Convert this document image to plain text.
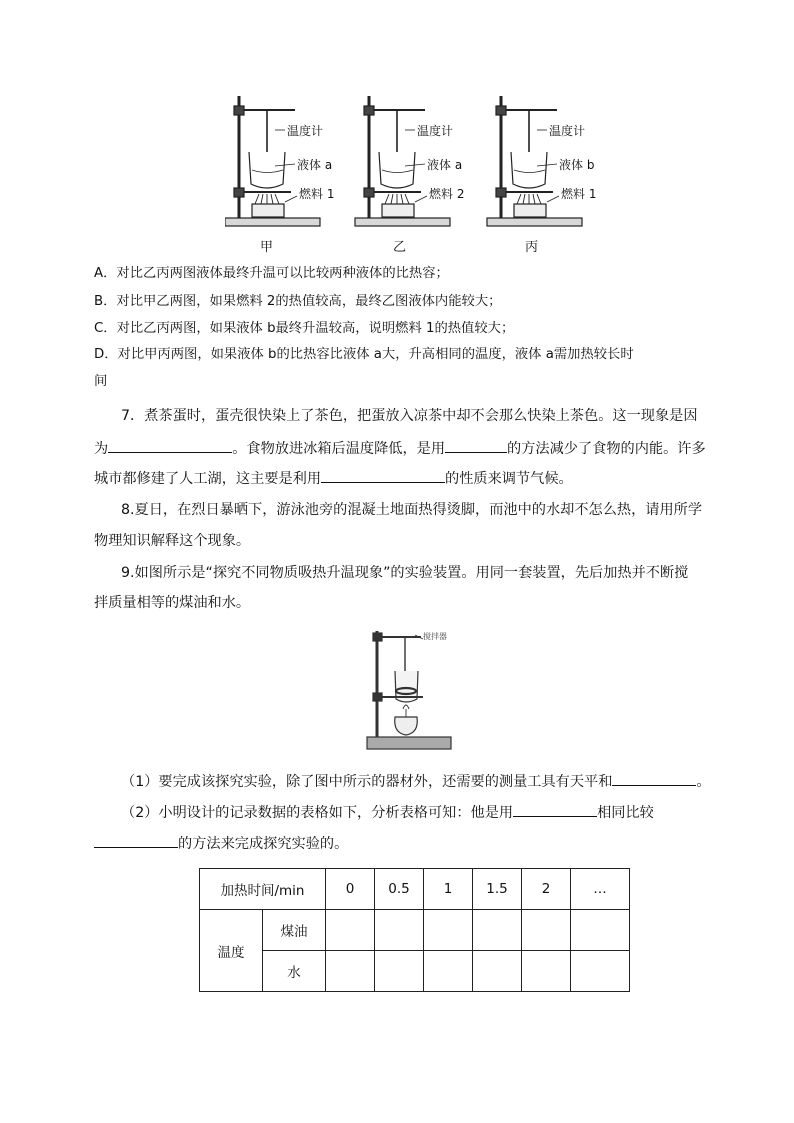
温度计
液体 a
燃料 1
温度计
液体 a
燃料 2
温度计
液体 b
燃料 1
甲	乙	丙
A．对比乙丙两图液体最终升温可以比较两种液体的比热容；
B．对比甲乙两图，如果燃料 2的热值较高，最终乙图液体内能较大；
C．对比乙丙两图，如果液体 b最终升温较高，说明燃料 1的热值较大；
D．对比甲丙两图，如果液体 b的比热容比液体 a大，升高相同的温度，液体 a需加热较长时
间
7．煮茶蛋时，蛋壳很快染上了茶色，把蛋放入凉茶中却不会那么快染上茶色。这一现象是因
为	。食物放进冰箱后温度降低，是用	的方法减少了食物的内能。许多
城市都修建了人工湖，这主要是利用	的性质来调节气候。
8.夏日，在烈日暴晒下，游泳池旁的混凝土地面热得烫脚，而池中的水却不怎么热，请用所学
物理知识解释这个现象。
9.如图所示是“探究不同物质吸热升温现象”的实验装置。用同一套装置，先后加热并不断搅
拌质量相等的煤油和水。
搅拌器
（1）要完成该探究实验，除了图中所示的器材外，还需要的测量工具有天平和	。
（2）小明设计的记录数据的表格如下，分析表格可知：他是用	相同比较
的方法来完成探究实验的。
加热时间/min		0	0.5	1	1.5	2	…
温度	煤油						
	水						
